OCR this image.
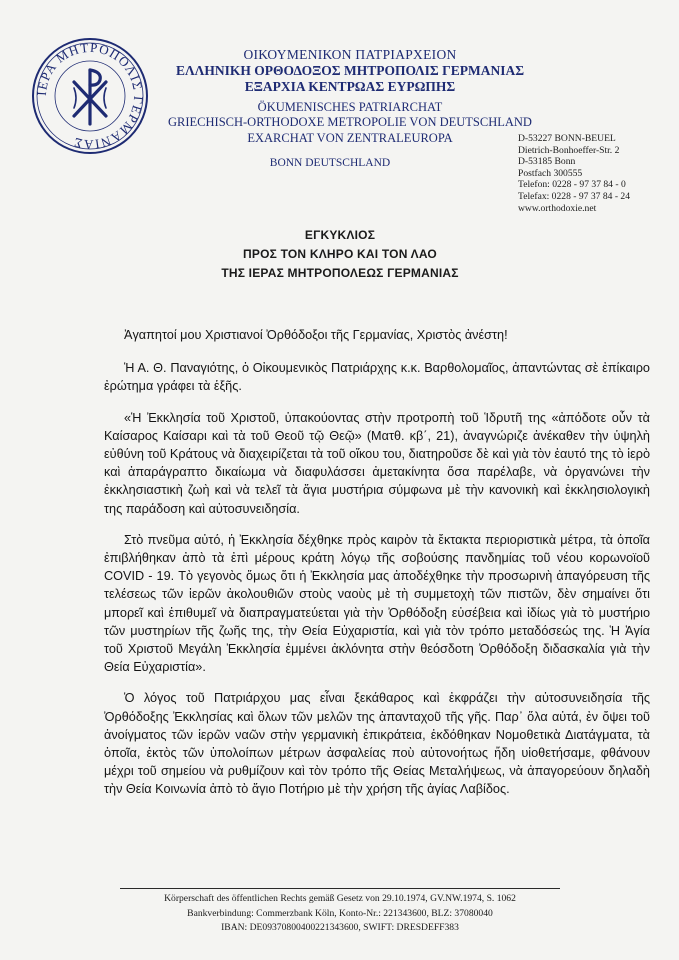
ΙΕΡΑ ΜΗΤΡΟΠΟΛΙΣ ΓΕΡΜΑΝΙΑΣ
ΟΙΚΟΥΜΕΝΙΚΟΝ ΠΑΤΡΙΑΡΧΕΙΟΝ
ΕΛΛΗΝΙΚΗ ΟΡΘΟΔΟΞΟΣ ΜΗΤΡΟΠΟΛΙΣ ΓΕΡΜΑΝΙΑΣ
ΕΞΑΡΧΙΑ ΚΕΝΤΡΩΑΣ ΕΥΡΩΠΗΣ
ÖKUMENISCHES PATRIARCHAT
GRIECHISCH-ORTHODOXE METROPOLIE VON DEUTSCHLAND
EXARCHAT VON ZENTRALEUROPA
BONN DEUTSCHLAND
D-53227 BONN-BEUEL
Dietrich-Bonhoeffer-Str. 2
D-53185 Bonn
Postfach 300555
Telefon: 0228 - 97 37 84 - 0
Telefax: 0228 - 97 37 84 - 24
www.orthodoxie.net
ΕΓΚΥΚΛΙΟΣ
ΠΡΟΣ ΤΟΝ ΚΛΗΡΟ ΚΑΙ ΤΟΝ ΛΑΟ
ΤΗΣ ΙΕΡΑΣ ΜΗΤΡΟΠΟΛΕΩΣ ΓΕΡΜΑΝΙΑΣ

Ἀγαπητοί μου Χριστιανοί Ὀρθόδοξοι τῆς Γερμανίας, Χριστὸς ἀνέστη!

Ἡ Α. Θ. Παναγιότης, ὁ Οἰκουμενικὸς Πατριάρχης κ.κ. Βαρθολομαῖος, ἀπαντώντας σὲ ἐπίκαιρο ἐρώτημα γράφει τὰ ἑξῆς.

«Ἡ Ἐκκλησία τοῦ Χριστοῦ, ὑπακούοντας στὴν προτροπὴ τοῦ Ἱδρυτῆ της «ἀπόδοτε οὖν τὰ Καίσαρος Καίσαρι καὶ τὰ τοῦ Θεοῦ τῷ Θεῷ» (Ματθ. κβ΄, 21), ἀναγνώριζε ἀνέκαθεν τὴν ὑψηλὴ εὐθύνη τοῦ Κράτους νὰ διαχειρίζεται τὰ τοῦ οἴκου του, διατηροῦσε δὲ καὶ γιὰ τὸν ἑαυτό της τὸ ἱερὸ καὶ ἀπαράγραπτο δικαίωμα νὰ διαφυλάσσει ἀμετακίνητα ὅσα παρέλαβε, νὰ ὀργανώνει τὴν ἐκκλησιαστικὴ ζωὴ καὶ νὰ τελεῖ τὰ ἅγια μυστήρια σύμφωνα μὲ τὴν κανονικὴ καὶ ἐκκλησιολογικὴ της παράδοση καὶ αὐτοσυνειδησία.

Στὸ πνεῦμα αὐτό, ἡ Ἐκκλησία δέχθηκε πρὸς καιρὸν τὰ ἔκτακτα περιοριστικὰ μέτρα, τὰ ὁποῖα ἐπιβλήθηκαν ἀπὸ τὰ ἐπὶ μέρους κράτη λόγῳ τῆς σοβούσης πανδημίας τοῦ νέου κορωνοϊοῦ COVID - 19. Τὸ γεγονὸς ὅμως ὅτι ἡ Ἐκκλησία μας ἀποδέχθηκε τὴν προσωρινὴ ἀπαγόρευση τῆς τελέσεως τῶν ἱερῶν ἀκολουθιῶν στοὺς ναοὺς μὲ τὴ συμμετοχὴ τῶν πιστῶν, δὲν σημαίνει ὅτι μπορεῖ καὶ ἐπιθυμεῖ νὰ διαπραγματεύεται γιὰ τὴν Ὀρθόδοξη εὐσέβεια καὶ ἰδίως γιὰ τὸ μυστήριο τῶν μυστηρίων τῆς ζωῆς της, τὴν Θεία Εὐχαριστία, καὶ γιὰ τὸν τρόπο μεταδόσεώς της. Ἡ Ἁγία τοῦ Χριστοῦ Μεγάλη Ἐκκλησία ἐμμένει ἀκλόνητα στὴν θεόσδοτη Ὀρθόδοξη διδασκαλία γιὰ τὴν Θεία Εὐχαριστία».

Ὁ λόγος τοῦ Πατριάρχου μας εἶναι ξεκάθαρος καὶ ἐκφράζει τὴν αὐτοσυνειδησία τῆς Ὀρθόδοξης Ἐκκλησίας καὶ ὅλων τῶν μελῶν της ἁπανταχοῦ τῆς γῆς. Παρ᾽ ὅλα αὐτά, ἐν ὄψει τοῦ ἀνοίγματος τῶν ἱερῶν ναῶν στὴν γερμανικὴ ἐπικράτεια, ἐκδόθηκαν Νομοθετικὰ Διατάγματα, τὰ ὁποῖα, ἐκτὸς τῶν ὑπολοίπων μέτρων ἀσφαλείας ποὺ αὐτονοήτως ἤδη υἱοθετήσαμε, φθάνουν μέχρι τοῦ σημείου νὰ ρυθμίζουν καὶ τὸν τρόπο τῆς Θείας Μεταλήψεως, νὰ ἀπαγορεύουν δηλαδὴ τὴν Θεία Κοινωνία ἀπὸ τὸ ἅγιο Ποτήριο μὲ τὴν χρήση τῆς ἁγίας Λαβίδος.

Körperschaft des öffentlichen Rechts gemäß Gesetz von 29.10.1974, GV.NW.1974, S. 1062
Bankverbindung: Commerzbank Köln, Konto-Nr.: 221343600, BLZ: 37080040
IBAN: DE09370800400221343600, SWIFT: DRESDEFF383
